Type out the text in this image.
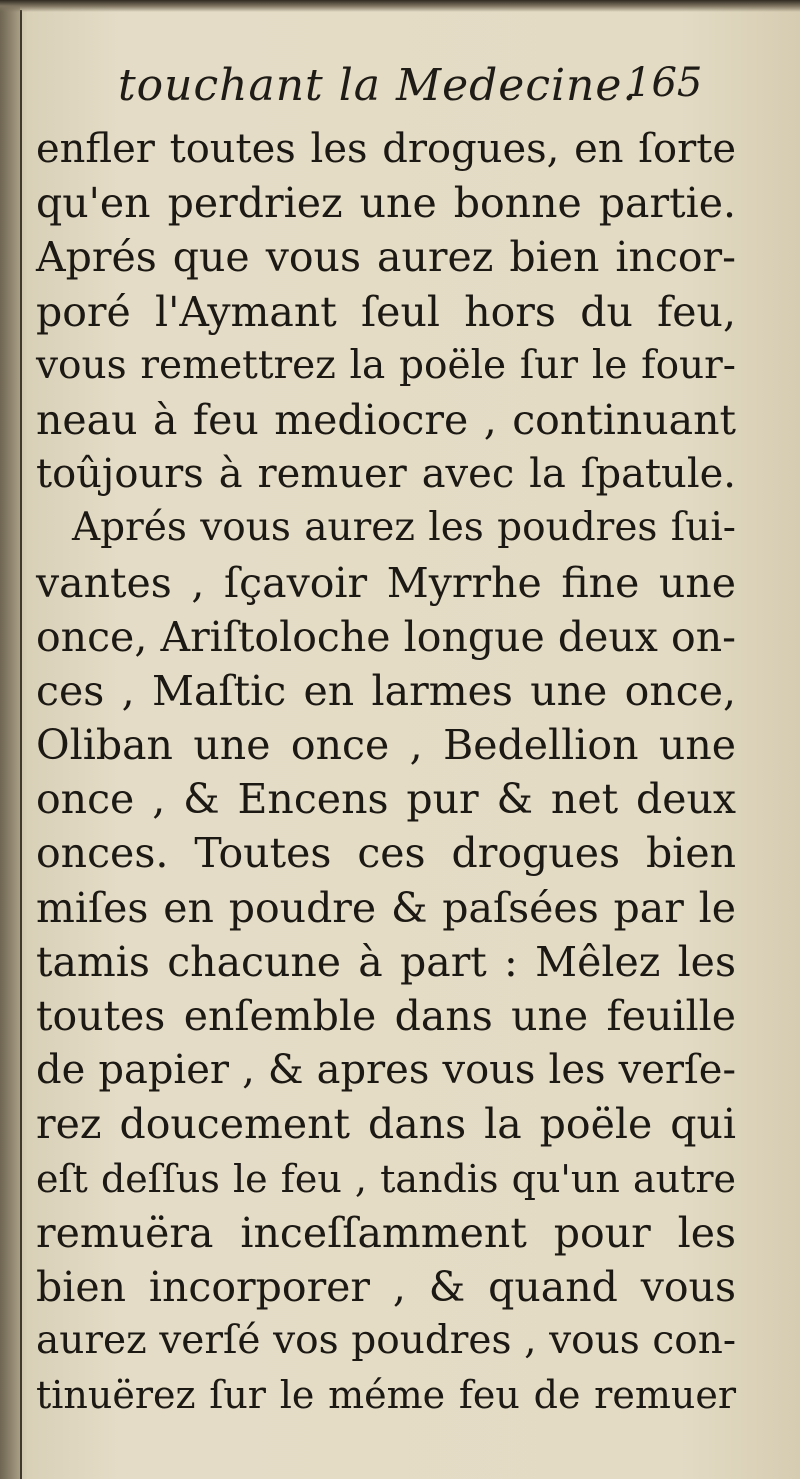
touchant la Medecine.
165
enfler toutes les drogues, en ſorte
qu'en perdriez une bonne partie.
Aprés que vous aurez bien incor-
poré l'Aymant ſeul hors du feu,
vous remettrez la poële ſur le four-
neau à feu mediocre , continuant
toûjours à remuer avec la ſpatule.
Aprés vous aurez les poudres ſui-
vantes , ſçavoir Myrrhe fine une
once, Ariſtoloche longue deux on-
ces , Maſtic en larmes une once,
Oliban une once , Bedellion une
once , & Encens pur & net deux
onces. Toutes ces drogues bien
miſes en poudre & paſsées par le
tamis chacune à part : Mêlez les
toutes enſemble dans une feuille
de papier , & apres vous les verſe-
rez doucement dans la poële qui
eſt deſſus le feu , tandis qu'un autre
remuëra inceſſamment pour les
bien incorporer , & quand vous
aurez verſé vos poudres , vous con-
tinuërez ſur le méme feu de remuer
